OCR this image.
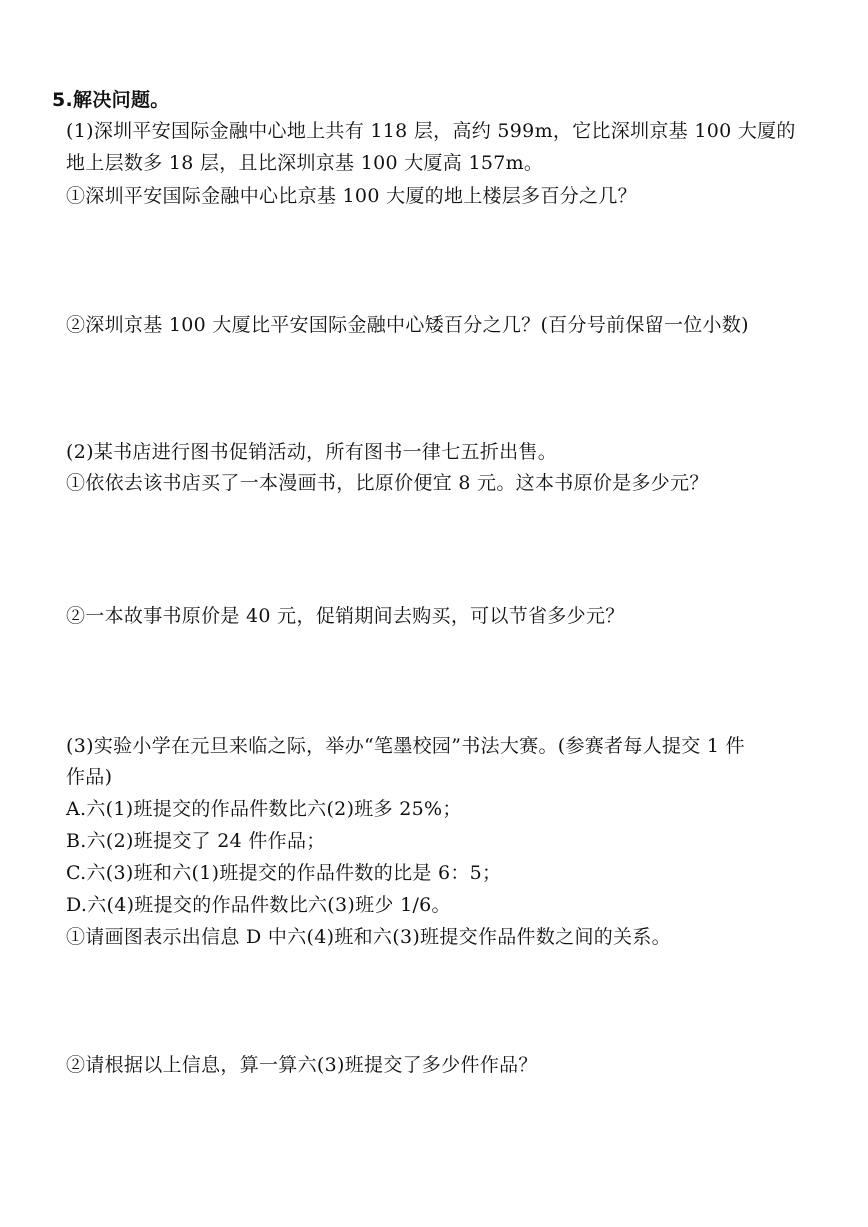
5.解决问题。
(1)深圳平安国际金融中心地上共有 118 层，高约 599m，它比深圳京基 100 大厦的
地上层数多 18 层，且比深圳京基 100 大厦高 157m。
①深圳平安国际金融中心比京基 100 大厦的地上楼层多百分之几？
②深圳京基 100 大厦比平安国际金融中心矮百分之几？(百分号前保留一位小数)
(2)某书店进行图书促销活动，所有图书一律七五折出售。
①依依去该书店买了一本漫画书，比原价便宜 8 元。这本书原价是多少元？
②一本故事书原价是 40 元，促销期间去购买，可以节省多少元？
(3)实验小学在元旦来临之际，举办“笔墨校园”书法大赛。(参赛者每人提交 1 件
作品)
A.六(1)班提交的作品件数比六(2)班多 25%；
B.六(2)班提交了 24 件作品；
C.六(3)班和六(1)班提交的作品件数的比是 6：5；
D.六(4)班提交的作品件数比六(3)班少 1/6。
①请画图表示出信息 D 中六(4)班和六(3)班提交作品件数之间的关系。
②请根据以上信息，算一算六(3)班提交了多少件作品？
